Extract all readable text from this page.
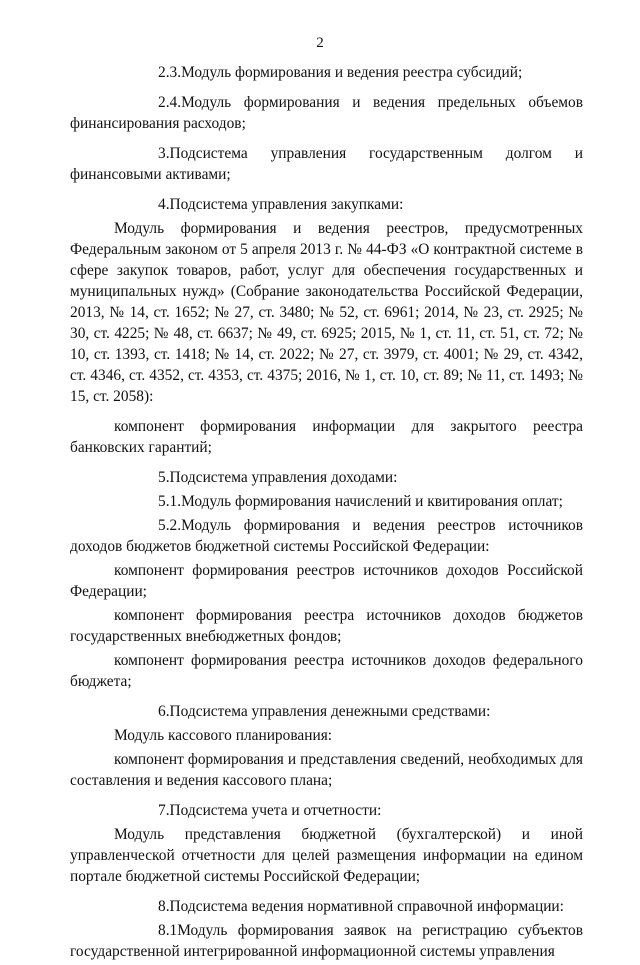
2

2.3.Модуль формирования и ведения реестра субсидий;

2.4.Модуль формирования и ведения предельных объемов финансирования расходов;

3.Подсистема управления государственным долгом и финансовыми активами;

4.Подсистема управления закупками:

Модуль формирования и ведения реестров, предусмотренных Федеральным законом от 5 апреля 2013 г. № 44-ФЗ «О контрактной системе в сфере закупок товаров, работ, услуг для обеспечения государственных и муниципальных нужд» (Собрание законодательства Российской Федерации, 2013, № 14, ст. 1652; № 27, ст. 3480; № 52, ст. 6961; 2014, № 23, ст. 2925; № 30, ст. 4225; № 48, ст. 6637; № 49, ст. 6925; 2015, № 1, ст. 11, ст. 51, ст. 72; № 10, ст. 1393, ст. 1418; № 14, ст. 2022; № 27, ст. 3979, ст. 4001; № 29, ст. 4342, ст. 4346, ст. 4352, ст. 4353, ст. 4375; 2016, № 1, ст. 10, ст. 89; № 11, ст. 1493; № 15, ст. 2058):

компонент формирования информации для закрытого реестра банковских гарантий;

5.Подсистема управления доходами:

5.1.Модуль формирования начислений и квитирования оплат;

5.2.Модуль формирования и ведения реестров источников доходов бюджетов бюджетной системы Российской Федерации:

компонент формирования реестров источников доходов Российской Федерации;

компонент формирования реестра источников доходов бюджетов государственных внебюджетных фондов;

компонент формирования реестра источников доходов федерального бюджета;

6.Подсистема управления денежными средствами:

Модуль кассового планирования:

компонент формирования и представления сведений, необходимых для составления и ведения кассового плана;

7.Подсистема учета и отчетности:

Модуль представления бюджетной (бухгалтерской) и иной управленческой отчетности для целей размещения информации на едином портале бюджетной системы Российской Федерации;

8.Подсистема ведения нормативной справочной информации:

8.1Модуль формирования заявок на регистрацию субъектов государственной интегрированной информационной системы управления
